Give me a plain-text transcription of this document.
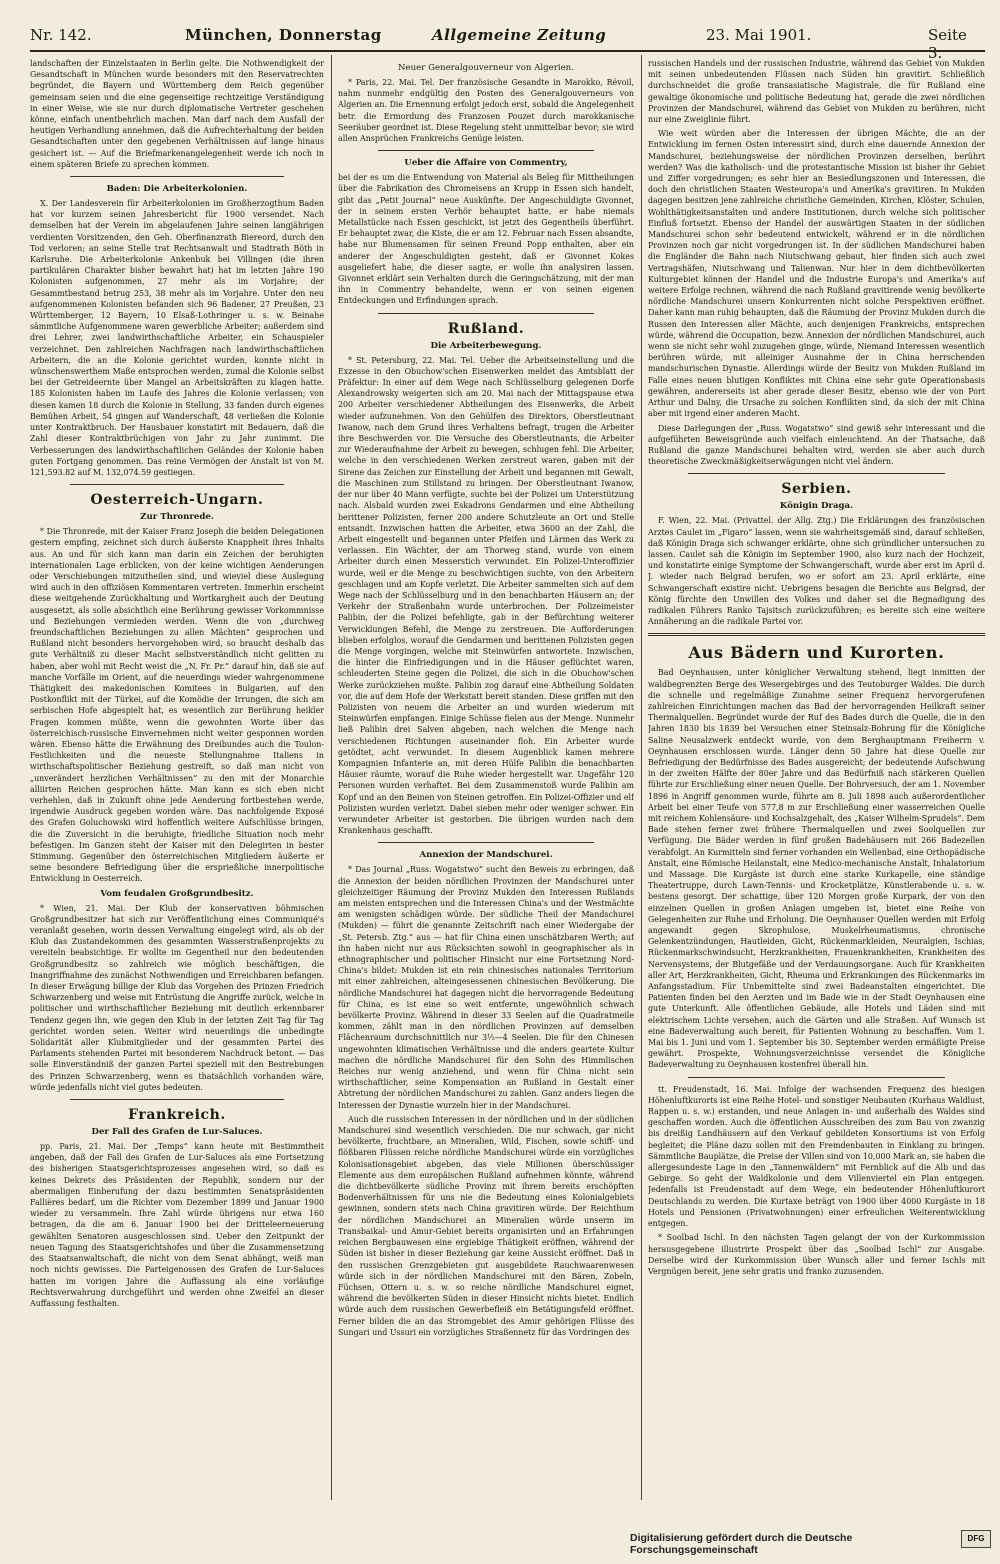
Nr. 142.	München, Donnerstag	Allgemeine Zeitung	23. Mai 1901.	Seite 3.

landschaften der Einzelstaaten in Berlin gelte. Die Nothwendigkeit der Gesandtschaft in München wurde besonders mit den Reservatrechten begründet, die Bayern und Württemberg dem Reich gegenüber gemeinsam seien und die eine gegenseitige rechtzeitige Verständigung in einer Weise, wie sie nur durch diplomatische Vertreter geschehen könne, einfach unentbehrlich machen. Man darf nach dem Ausfall der heutigen Verhandlung annehmen, daß die Aufrechterhaltung der beiden Gesandtschaften unter den gegebenen Verhältnissen auf lange hinaus gesichert ist. — Auf die Briefmarkenangelegenheit werde ich noch in einem späteren Briefe zu sprechen kommen.

Baden: Die Arbeiterkolonien.

X. Der Landesverein für Arbeiterkolonien im Großherzogthum Baden hat vor kurzem seinen Jahresbericht für 1900 versendet. Nach demselben hat der Verein im abgelaufenen Jahre seinen langjährigen verdienten Vorsitzenden, den Geh. Oberfinanzrath Biereord, durch den Tod verloren; an seine Stelle trat Rechtsanwalt und Stadtrath Böth in Karlsruhe. Die Arbeiterkolonie Ankenbuk bei Villingen (die ihren partikulären Charakter bisher bewahrt hat) hat im letzten Jahre 190 Kolonisten aufgenommen, 27 mehr als im Vorjahre; der Gesammtbestand betrug 253, 38 mehr als im Vorjahre. Unter den neu aufgenommenen Kolonisten befanden sich 96 Badener, 27 Preußen, 23 Württemberger, 12 Bayern, 10 Elsaß-Lothringer u. s. w. Beinahe sämmtliche Aufgenommene waren gewerbliche Arbeiter; außerdem sind drei Lehrer, zwei landwirthschaftliche Arbeiter, ein Schauspieler verzeichnet. Den zahlreichen Nachfragen nach landwirthschaftlichen Arbeitern, die an die Kolonie gerichtet wurden, konnte nicht in wünschenswerthem Maße entsprochen werden, zumal die Kolonie selbst bei der Getreideernte über Mangel an Arbeitskräften zu klagen hatte. 185 Kolonisten haben im Laufe des Jahres die Kolonie verlassen; von diesen kamen 18 durch die Kolonie in Stellung, 33 fanden durch eigenes Bemühen Arbeit, 54 gingen auf Wanderschaft, 48 verließen die Kolonie unter Kontraktbruch. Der Hausbauer konstatirt mit Bedauern, daß die Zahl dieser Kontraktbrüchigen von Jahr zu Jahr zunimmt. Die Verbesserungen des landwirthschaftlichen Geländes der Kolonie haben guten Fortgang genommen. Das reine Vermögen der Anstalt ist von M. 121,593.82 auf M. 132,074.59 gestiegen.

Oesterreich-Ungarn.
Zur Thronrede.

* Die Thronrede, mit der Kaiser Franz Joseph die beiden Delegationen gestern empfing, zeichnet sich durch äußerste Knappheit ihres Inhalts aus. An und für sich kann man darin ein Zeichen der beruhigten internationalen Lage erblicken, von der keine wichtigen Aenderungen oder Verschiebungen mitzutheilen sind, und wieviel diese Auslegung wird auch in den offiziösen Kommentaren vertreten. Immerhin erscheint diese weitgehende Zurückhaltung und Wortkargheit auch der Deutung ausgesetzt, als solle absichtlich eine Berührung gewisser Vorkommnisse und Beziehungen vermieden werden. Wenn die von „durchweg freundschaftlichen Beziehungen zu allen Mächten“ gesprochen und Rußland nicht besonders hervorgehoben wird, so braucht deshalb das gute Verhältniß zu dieser Macht selbstverständlich nicht gelitten zu haben, aber wohl mit Recht weist die „N. Fr. Pr.“ darauf hin, daß sie auf manche Vorfälle im Orient, auf die neuerdings wieder wahrgenommene Thätigkeit des makedonischen Komitees in Bulgarien, auf den Postkonflikt mit der Türkei, auf die Komödie der Irrungen, die sich am serbischen Hofe abgespielt hat, es wesentlich zur Berührung heikler Fragen kommen müßte, wenn die gewohnten Worte über das österreichisch-russische Einvernehmen nicht weiter gesponnen worden wären. Ebenso hätte die Erwähnung des Dreibundes auch die Toulon-Festlichkeiten und die neueste Stellungnahme Italiens in wirthschaftspolitischer Beziehung gestreift, so daß man nicht von „unverändert herzlichen Verhältnissen“ zu den mit der Monarchie alliirten Reichen gesprochen hätte. Man kann es sich eben nicht verhehlen, daß in Zukunft ohne jede Aenderung fortbestehen werde, irgendwie Ausdruck gegeben worden wäre. Das nachfolgende Exposé des Grafen Goluchowski wird hoffentlich weitere Aufschlüsse bringen, die die Zuversicht in die beruhigte, friedliche Situation noch mehr befestigen. Im Ganzen steht der Kaiser mit den Delegirten in bester Stimmung. Gegenüber den österreichischen Mitgliedern äußerte er seine besondere Befriedigung über die ersprießliche innerpolitische Entwicklung in Oesterreich.

Vom feudalen Großgrundbesitz.

* Wien, 21. Mai. Der Klub der konservativen böhmischen Großgrundbesitzer hat sich zur Veröffentlichung eines Communiqué's veranlaßt gesehen, worin dessen Verwaltung eingelegt wird, als ob der Klub das Zustandekommen des gesammten Wasserstraßenprojekts zu vereiteln beabsichtige. Er wollte im Gegentheil nur den bedeutenden Großgrundbesitz so zahlreich wie möglich beschäftigen, die Inangriffnahme des zunächst Nothwendigen und Erreichbaren befangen. In dieser Erwägung billige der Klub das Vorgehen des Prinzen Friedrich Schwarzenberg und weise mit Entrüstung die Angriffe zurück, welche in politischer und wirthschaftlicher Beziehung mit deutlich erkennbarer Tendenz gegen ihn, wie gegen den Klub in der letzten Zeit Tag für Tag gerichtet worden seien. Weiter wird neuerdings die unbedingte Solidarität aller Klubmitglieder und der gesammten Partei des Parlaments stehenden Partei mit besonderem Nachdruck betont. — Das solle Einverständniß der ganzen Partei speziell mit den Bestrebungen des Prinzen Schwarzenberg, wenn es thatsächlich vorhanden wäre, würde jedenfalls nicht viel gutes bedeuten.

Frankreich.
Der Fall des Grafen de Lur-Saluces.

pp. Paris, 21. Mai. Der „Temps“ kann heute mit Bestimmtheit angeben, daß der Fall des Grafen de Lur-Saluces als eine Fortsetzung des bisherigen Staatsgerichtsprozesses angesehen wird, so daß es keines Dekrets des Präsidenten der Republik, sondern nur der abermaligen Einberufung der dazu bestimmten Senatspräsidenten Fallières bedarf, um die Richter vom Dezember 1899 und Januar 1900 wieder zu versammeln. Ihre Zahl würde übrigens nur etwa 160 betragen, da die am 6. Januar 1900 bei der Dritteleerneuerung gewählten Senatoren ausgeschlossen sind. Ueber den Zeitpunkt der neuen Tagung des Staatsgerichtshofes und über die Zusammensetzung des Staatsanwaltschaft, die nicht von dem Senat abhängt, weiß man noch nichts gewisses. Die Parteigenossen des Grafen de Lur-Saluces hatten im vorigen Jahre die Auffassung als eine vorläufige Rechtsverwahrung durchgeführt und werden ohne Zweifel an dieser Auffassung festhalten.

Neuer Generalgouverneur von Algerien.

* Paris, 22. Mai. Tel. Der französische Gesandte in Marokko, Révoil, nahm nunmehr endgültig den Posten des Generalgouverneurs von Algerien an. Die Ernennung erfolgt jedoch erst, sobald die Angelegenheit betr. die Ermordung des Franzosen Pouzet durch marokkanische Seeräuber geordnet ist. Diese Regelung steht unmittelbar bevor; sie wird allen Ansprüchen Frankreichs Genüge leisten.

Ueber die Affaire von Commentry,

bei der es um die Entwendung von Material als Beleg für Mittheilungen über die Fabrikation des Chromeisens an Krupp in Essen sich handelt, gibt das „Petit Journal“ neue Auskünfte. Der Angeschuldigte Givonnet, der in seinem ersten Verhör behauptet hatte, er habe niemals Metallstücke nach Essen geschickt, ist jetzt des Gegentheils überführt. Er behauptet zwar, die Kiste, die er am 12. Februar nach Essen absandte, habe nur Blumensamen für seinen Freund Popp enthalten, aber ein anderer der Angeschuldigten gesteht, daß er Givonnet Kokes ausgeliefert habe, die dieser sagte, er wolle ihn analysiren lassen. Givonnet erklärt sein Verhalten durch die Geringschätzung, mit der man ihn in Commentry behandelte, wenn er von seinen eigenen Entdeckungen und Erfindungen sprach.

Rußland.
Die Arbeiterbewegung.

* St. Petersburg, 22. Mai. Tel. Ueber die Arbeitseinstellung und die Exzesse in den Obuchow'schen Eisenwerken meldet das Amtsblatt der Präfektur: In einer auf dem Wege nach Schlüsselburg gelegenen Dorfe Alexandrowsky weigerten sich am 20. Mai nach der Mittagspause etwa 200 Arbeiter verschiedener Abtheilungen des Eisenwerks, die Arbeit wieder aufzunehmen. Von den Gehülfen des Direktors, Oberstleutnant Iwanow, nach dem Grund ihres Verhaltens befragt, trugen die Arbeiter ihre Beschwerden vor. Die Versuche des Oberstleutnants, die Arbeiter zur Wiederaufnahme der Arbeit zu bewegen, schlugen fehl. Die Arbeiter, welche in den verschiedenen Werken zerstreut waren, gaben mit der Sirene das Zeichen zur Einstellung der Arbeit und begannen mit Gewalt, die Maschinen zum Stillstand zu bringen. Der Oberstleutnant Iwanow, der nur über 40 Mann verfügte, suchte bei der Polizei um Unterstützung nach. Alsbald wurden zwei Eskadrons Gendarmen und eine Abtheilung berittener Polizisten, ferner 200 andere Schutzleute an Ort und Stelle entsandt. Inzwischen hatten die Arbeiter, etwa 3600 an der Zahl, die Arbeit eingestellt und begannen unter Pfeifen und Lärmen das Werk zu verlassen. Ein Wächter, der am Thorweg stand, wurde von einem Arbeiter durch einen Messerstich verwundet. Ein Polizei-Unteroffizier wurde, weil er die Menge zu beschwichtigen suchte, von den Arbeitern geschlagen und am Kopfe verletzt. Die Arbeiter sammelten sich auf dem Wege nach der Schlüsselburg und in den benachbarten Häusern an; der Verkehr der Straßenbahn wurde unterbrochen. Der Polizeimeister Palibin, der die Polizei befehligte, gab in der Befürchtung weiterer Verwicklungen Befehl, die Menge zu zerstreuen. Die Aufforderungen blieben erfolglos, worauf die Gendarmen und berittenen Polizisten gegen die Menge vorgingen, welche mit Steinwürfen antwortete. Inzwischen, die hinter die Einfriedigungen und in die Häuser geflüchtet waren, schleuderten Steine gegen die Polizei, die sich in die Obuchow'schen Werke zurückziehen mußte. Palibin zog darauf eine Abtheilung Soldaten vor, die auf dem Hofe der Werkstatt bereit standen. Diese griffen mit den Polizisten von neuem die Arbeiter an und wurden wiederum mit Steinwürfen empfangen. Einige Schüsse fielen aus der Menge. Nunmehr ließ Palibin drei Salven abgeben, nach welchen die Menge nach verschiedenen Richtungen auseinander floh. Ein Arbeiter wurde getödtet, acht verwundet. In diesem Augenblick kamen mehrere Kompagnien Infanterie an, mit deren Hülfe Palibin die benachbarten Häuser räumte, worauf die Ruhe wieder hergestellt war. Ungefähr 120 Personen wurden verhaftet. Bei dem Zusammenstoß wurde Palibin am Kopf und an den Beinen von Steinen getroffen. Ein Polizei-Offizier und elf Polizisten wurden verletzt. Dabei sieben mehr oder weniger schwer. Ein verwundeter Arbeiter ist gestorben. Die übrigen wurden nach dem Krankenhaus geschafft.

Annexion der Mandschurei.

* Das Journal „Russ. Wogatstwo“ sucht den Beweis zu erbringen, daß die Annexion der beiden nördlichen Provinzen der Mandschurei unter gleichzeitiger Räumung der Provinz Mukden den Interessen Rußlands am meisten entsprechen und die Interessen China's und der Westmächte am wenigsten schädigen würde. Der südliche Theil der Mandschurei (Mukden) — führt die genannte Zeitschrift nach einer Wiedergabe der „St. Petersb. Ztg.“ aus — hat für China einen unschätzbaren Werth; auf ihn haben nicht nur aus Rücksichten sowohl in geographischer als in ethnographischer und politischer Hinsicht nur eine Fortsetzung Nord-China's bildet: Mukden ist ein rein chinesisches nationales Territorium mit einer zahlreichen, alteingesessenen chinesischen Bevölkerung. Die nördliche Mandschurei hat dagegen nicht die hervorragende Bedeutung für China, es ist eine so weit entfernte, ungewöhnlich schwach bevölkerte Provinz. Während in dieser 33 Seelen auf die Quadratmeile kommen, zählt man in den nördlichen Provinzen auf demselben Flächenraum durchschnittlich nur 3½—4 Seelen. Die für den Chinesen ungewohnten klimatischen Verhältnisse und die anders geartete Kultur machen die nördliche Mandschurei für den Sohn des Himmlischen Reiches nur wenig anziehend, und wenn für China nicht sein wirthschaftlicher, seine Kompensation an Rußland in Gestalt einer Abtretung der nördlichen Mandschurei zu zahlen. Ganz anders liegen die Interessen der Dynastie wurzeln hier in der Mandschurei.

Auch die russischen Interessen in der nördlichen und in der südlichen Mandschurei sind wesentlich verschieden. Die nur schwach, gar nicht bevölkerte, fruchtbare, an Mineralien, Wild, Fischen, sowie schiff- und flößbaren Flüssen reiche nördliche Mandschurei würde ein vorzügliches Kolonisationsgebiet abgeben, das viele Millionen überschüssiger Elemente aus dem europäischen Rußland aufnehmen könnte, während die dichtbevölkerte südliche Provinz mit ihrem bereits erschöpften Bodenverhältnissen für uns nie die Bedeutung eines Kolonialgebiets gewinnen, sondern stets nach China gravitiren würde. Der Reichthum der nördlichen Mandschurei an Mineralien würde unserm im Transbaikal- und Amur-Gebiet bereits organisirten und an Erfahrungen reichen Bergbauwesen eine ergiebige Thätigkeit eröffnen, während der Süden ist bisher in dieser Beziehung gar keine Aussicht eröffnet. Daß in den russischen Grenzgebieten gut ausgebildete Rauchwaarenwesen würde sich in der nördlichen Mandschurei mit den Bären, Zobeln, Füchsen, Ottern u. s. w. so reiche nördliche Mandschurei eignet, während die bevölkerten Süden in dieser Hinsicht nichts bietet. Endlich würde auch dem russischen Gewerbefleiß ein Betätigungsfeld eröffnet. Ferner bilden die an das Stromgebiet des Amur gehörigen Flüsse des Sungari und Ussuri ein vorzügliches Straßennetz für das Vordringen des

russischen Handels und der russischen Industrie, während das Gebiet von Mukden mit seinen unbedeutenden Flüssen nach Süden hin gravitirt. Schließlich durchschneidet die große transasiatische Magistrale, die für Rußland eine gewaltige ökonomische und politische Bedeutung hat, gerade die zwei nördlichen Provinzen der Mandschurei, während das Gebiet von Mukden zu berühren, nicht nur eine Zweiglinie führt.

Wie weit würden aber die Interessen der übrigen Mächte, die an der Entwicklung im fernen Osten interessirt sind, durch eine dauernde Annexion der Mandschurei, beziehungsweise der nördlichen Provinzen derselben, berührt werden? Was die katholisch- und die protestantische Mission ist bisher ihr Gebiet und Ziffer vorgedrungen; es sehr hier an Besiedlungszonen und Interessen, die doch den christlichen Staaten Westeuropa's und Amerika's gravitiren. In Mukden dagegen besitzen jene zahlreiche christliche Gemeinden, Kirchen, Klöster, Schulen, Wohlthätigkeitsanstalten und andere Institutionen, durch welche sich politischer Einfluß fortsetzt. Ebenso der Handel der auswärtigen Staaten in der südlichen Mandschurei schon sehr bedeutend entwickelt, während er in die nördlichen Provinzen noch gar nicht vorgedrungen ist. In der südlichen Mandschurei haben die Engländer die Bahn nach Niutschwang gebaut, hier finden sich auch zwei Vertragshäfen, Niutschwang und Talienwan. Nur hier in dem dichtbevölkerten Kulturgebiet können der Handel und die Industrie Europa's und Amerika's auf weitere Erfolge rechnen, während die nach Rußland gravitirende wenig bevölkerte nördliche Mandschurei unsern Konkurrenten nicht solche Perspektiven eröffnet. Daher kann man ruhig behaupten, daß die Räumung der Provinz Mukden durch die Russen den Interessen aller Mächte, auch denjenigen Frankreichs, entsprechen würde, während die Occupation, bezw. Annexion der nördlichen Mandschurei, auch wenn sie nicht sehr wohl zuzugehen ginge, würde, Niemand Interessen wesentlich berühren würde, mit alleiniger Ausnahme der in China herrschenden mandschurischen Dynastie. Allerdings würde der Besitz von Mukden Rußland im Falle eines neuen blutigen Konfliktes mit China eine sehr gute Operationsbasis gewähren, andererseits ist aber gerade dieser Besitz, ebenso wie der von Port Arthur und Dalny, die Ursache zu solchen Konflikten sind, da sich der mit China aber mit irgend einer anderen Macht.

Diese Darlegungen der „Russ. Wogatstwo“ sind gewiß sehr interessant und die aufgeführten Beweisgründe auch vielfach einleuchtend. An der Thatsache, daß Rußland die ganze Mandschurei behalten wird, werden sie aber auch durch theoretische Zweckmäßigkeitserwägungen nicht viel ändern.

Serbien.
Königin Draga.

F. Wien, 22. Mai. (Privattel. der Allg. Ztg.) Die Erklärungen des französischen Arztes Caulet im „Figaro“ lassen, wenn sie wahrheitsgemäß sind, darauf schließen, daß Königin Draga sich schwanger erklärte, ohne sich gründlicher untersuchen zu lassen. Caulet sah die Königin im September 1900, also kurz nach der Hochzeit, und konstatirte einige Symptome der Schwangerschaft, wurde aber erst im April d. J. wieder nach Belgrad berufen, wo er sofort am 23. April erklärte, eine Schwangerschaft existire nicht. Uebrigens besagen die Berichte aus Belgrad, der König fürchte den Unwillen des Volkes und daher sei die Begnadigung des radikalen Führers Ranko Tajsitsch zurückzuführen; es bereite sich eine weitere Annäherung an die radikale Partei vor.

Aus Bädern und Kurorten.

Bad Oeynhausen, unter königlicher Verwaltung stehend, liegt inmitten der waldbegrenzten Berge des Wesergebirges und des Teutoburger Waldes. Die durch die schnelle und regelmäßige Zunahme seiner Frequenz hervorgerufenen zahlreichen Einrichtungen machen das Bad der hervorragenden Heilkraft seiner Thermalquellen. Begründet wurde der Ruf des Bades durch die Quelle, die in den Jahren 1830 bis 1839 bei Versuchen einer Steinsalz-Bohrung für die Königliche Saline Neusalzwerk entdeckt wurde, von dem Berghauptmann Freiherrn v. Oeynhausen erschlossen wurde. Länger denn 50 Jahre hat diese Quelle zur Befriedigung der Bedürfnisse des Bades ausgereicht; der bedeutende Aufschwung in der zweiten Hälfte der 80er Jahre und das Bedürfniß nach stärkeren Quellen führte zur Erschließung einer neuen Quelle. Der Bohrversuch, der am 1. November 1896 in Angriff genommen wurde, führte am 8. Juli 1898 auch außerordentlicher Arbeit bei einer Teufe von 577,8 m zur Erschließung einer wasserreichen Quelle mit reichem Kohlensäure- und Kochsalzgehalt, des „Kaiser Wilhelm-Sprudels“. Dem Bade stehen ferner zwei frühere Thermalquellen und zwei Soolquellen zur Verfügung. Die Bäder werden in fünf großen Badehäusern mit 266 Badezellen verabfolgt. An Kurmitteln sind ferner vorhanden ein Wellenbad, eine Orthopädische Anstalt, eine Römische Heilanstalt, eine Medico-mechanische Anstalt, Inhalatorium und Massage. Die Kurgäste ist durch eine starke Kurkapelle, eine ständige Theatertruppe, durch Lawn-Tennis- und Krocketplätze, Künstlerabende u. s. w. bestens gesorgt. Der schattige, über 120 Morgen große Kurpark, der von den einzelnen Quellen in großen Anlagen umgeben ist, bietet eine Reihe von Gelegenheiten zur Ruhe und Erholung. Die Oeynhauser Quellen werden mit Erfolg angewandt gegen Skrophulose, Muskelrheumatismus, chronische Gelenkentzündungen, Hautleiden, Gicht, Rückenmarkleiden, Neuralgien, Ischias, Rückenmarkschwindsucht, Herzkrankheiten, Frauenkrankheiten, Krankheiten des Nervensystems, der Blutgefäße und der Verdauungsorgane. Auch für Krankheiten aller Art, Herzkrankheiten, Gicht, Rheuma und Erkrankungen des Rückenmarks im Anfangsstadium. Für Unbemittelte sind zwei Badeanstalten eingerichtet. Die Patienten finden bei den Aerzten und im Bade wie in der Stadt Oeynhausen eine gute Unterkunft. Alle öffentlichen Gebäude, alle Hotels und Läden sind mit elektrischem Lichte versehen, auch die Gärten und alle Straßen. Auf Wunsch ist eine Badeverwaltung auch bereit, für Patienten Wohnung zu beschaffen. Vom 1. Mai bis 1. Juni und vom 1. September bis 30. September werden ermäßigte Preise gewährt. Prospekte, Wohnungsverzeichnisse versendet die Königliche Badeverwaltung zu Oeynhausen kostenfrei überall hin.

tt. Freudenstadt, 16. Mai. Infolge der wachsenden Frequenz des hiesigen Höhenluftkurorts ist eine Reihe Hotel- und sonstiger Neubauten (Kurhaus Waldlust, Rappen u. s. w.) erstanden, und neue Anlagen in- und außerhalb des Waldes sind geschaffen worden. Auch die öffentlichen Ausschreiben des zum Bau von zwanzig bis dreißig Landhäusern auf den Verkauf gebildeten Konsortiums ist von Erfolg begleitet; die Pläne dazu sollen mit den Fremdenbauten in Einklang zu bringen. Sämmtliche Bauplätze, die Preise der Villen sind von 10,000 Mark an, sie haben die allergesundeste Lage in den „Tannenwäldern“ mit Fernblick auf die Alb und das Gebirge. So geht der Waldkolonie und dem Villenviertel ein Plan entgegen. Jedenfalls ist Freudenstadt auf dem Wege, ein bedeutender Höhenluftkurort Deutschlands zu werden. Die Kurtaxe beträgt von 1900 über 4000 Kurgäste in 18 Hotels und Pensionen (Privatwohnungen) einer erfreulichen Weiterentwicklung entgegen.

* Soolbad Ischl. In den nächsten Tagen gelangt der von der Kurkommission herausgegebene illustrirte Prospekt über das „Soolbad Ischl“ zur Ausgabe. Derselbe wird der Kurkommission über Wunsch aller und ferner Ischls mit Vergnügen bereit, jene sehr gratis und franko zuzusenden.

Digitalisierung gefördert durch die Deutsche Forschungsgemeinschaft
DFG
